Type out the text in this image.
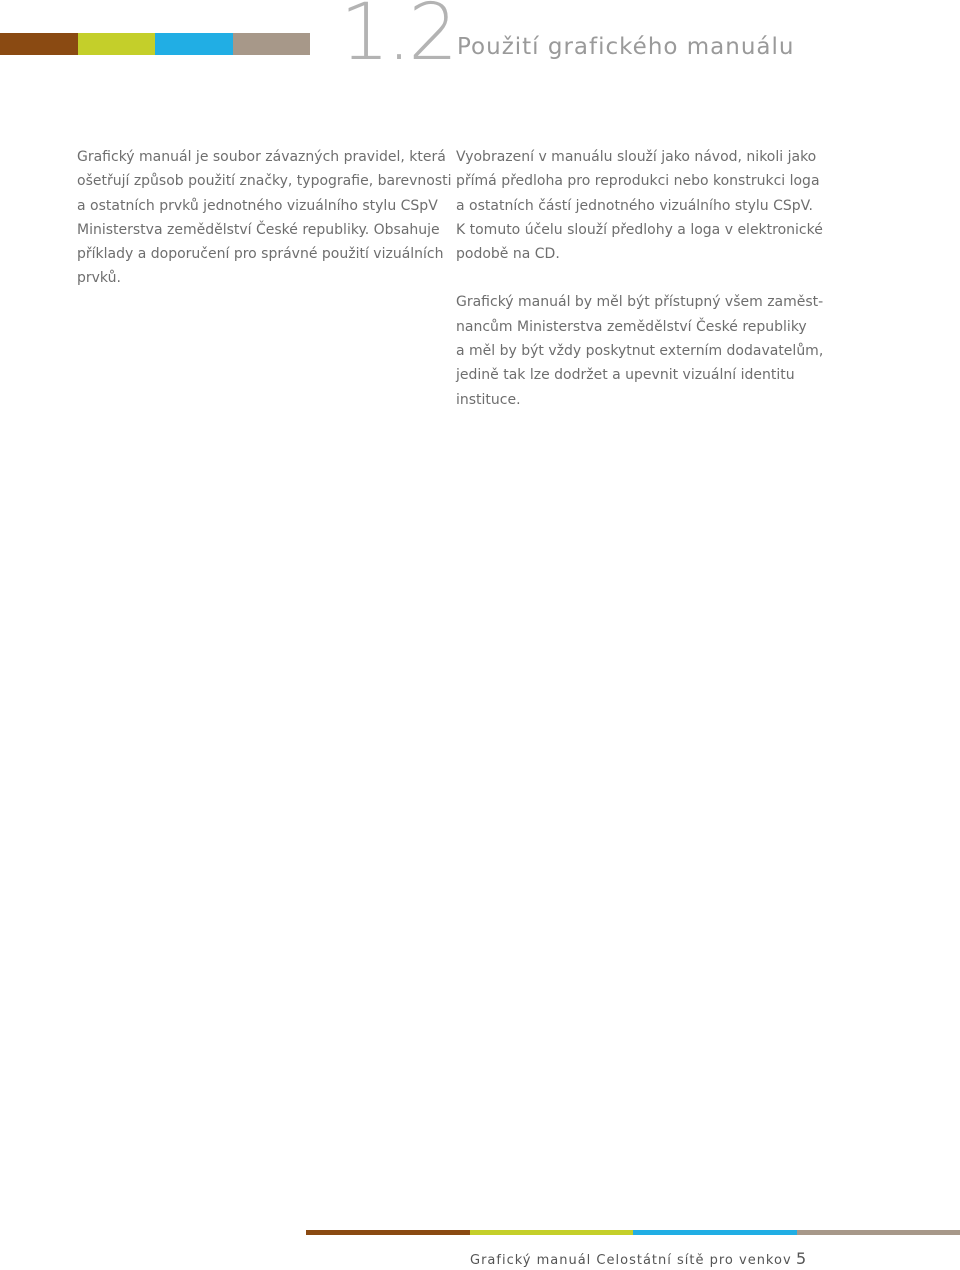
1.2 Použití grafického manuálu

Grafický manuál je soubor závazných pravidel, která
ošetřují způsob použití značky, typografie, barevnosti
a ostatních prvků jednotného vizuálního stylu CSpV
Ministerstva zemědělství České republiky. Obsahuje
příklady a doporučení pro správné použití vizuálních
prvků.

Vyobrazení v manuálu slouží jako návod, nikoli jako
přímá předloha pro reprodukci nebo konstrukci loga
a ostatních částí jednotného vizuálního stylu CSpV.
K tomuto účelu slouží předlohy a loga v elektronické
podobě na CD.

Grafický manuál by měl být přístupný všem zaměst-
nancům Ministerstva zemědělství České republiky
a měl by být vždy poskytnut externím dodavatelům,
jedině tak lze dodržet a upevnit vizuální identitu
instituce.

Grafický manuál Celostátní sítě pro venkov 5
